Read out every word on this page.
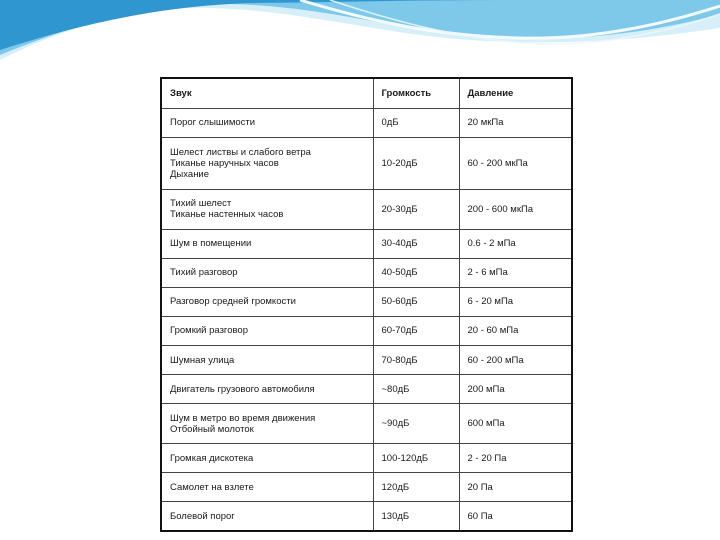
Звук	Громкость	Давление
Порог слышимости	0дБ	20 мкПа
Шелест листвы и слабого ветра
Тиканье наручных часов
Дыхание	10-20дБ	60 - 200 мкПа
Тихий шелест
Тиканье настенных часов	20-30дБ	200 - 600 мкПа
Шум в помещении	30-40дБ	0.6 - 2 мПа
Тихий разговор	40-50дБ	2 - 6 мПа
Разговор средней громкости	50-60дБ	6 - 20 мПа
Громкий разговор	60-70дБ	20 - 60 мПа
Шумная улица	70-80дБ	60 - 200 мПа
Двигатель грузового автомобиля	~80дБ	200 мПа
Шум в метро во время движения
Отбойный молоток	~90дБ	600 мПа
Громкая дискотека	100-120дБ	2 - 20 Па
Самолет на взлете	120дБ	20 Па
Болевой порог	130дБ	60 Па
